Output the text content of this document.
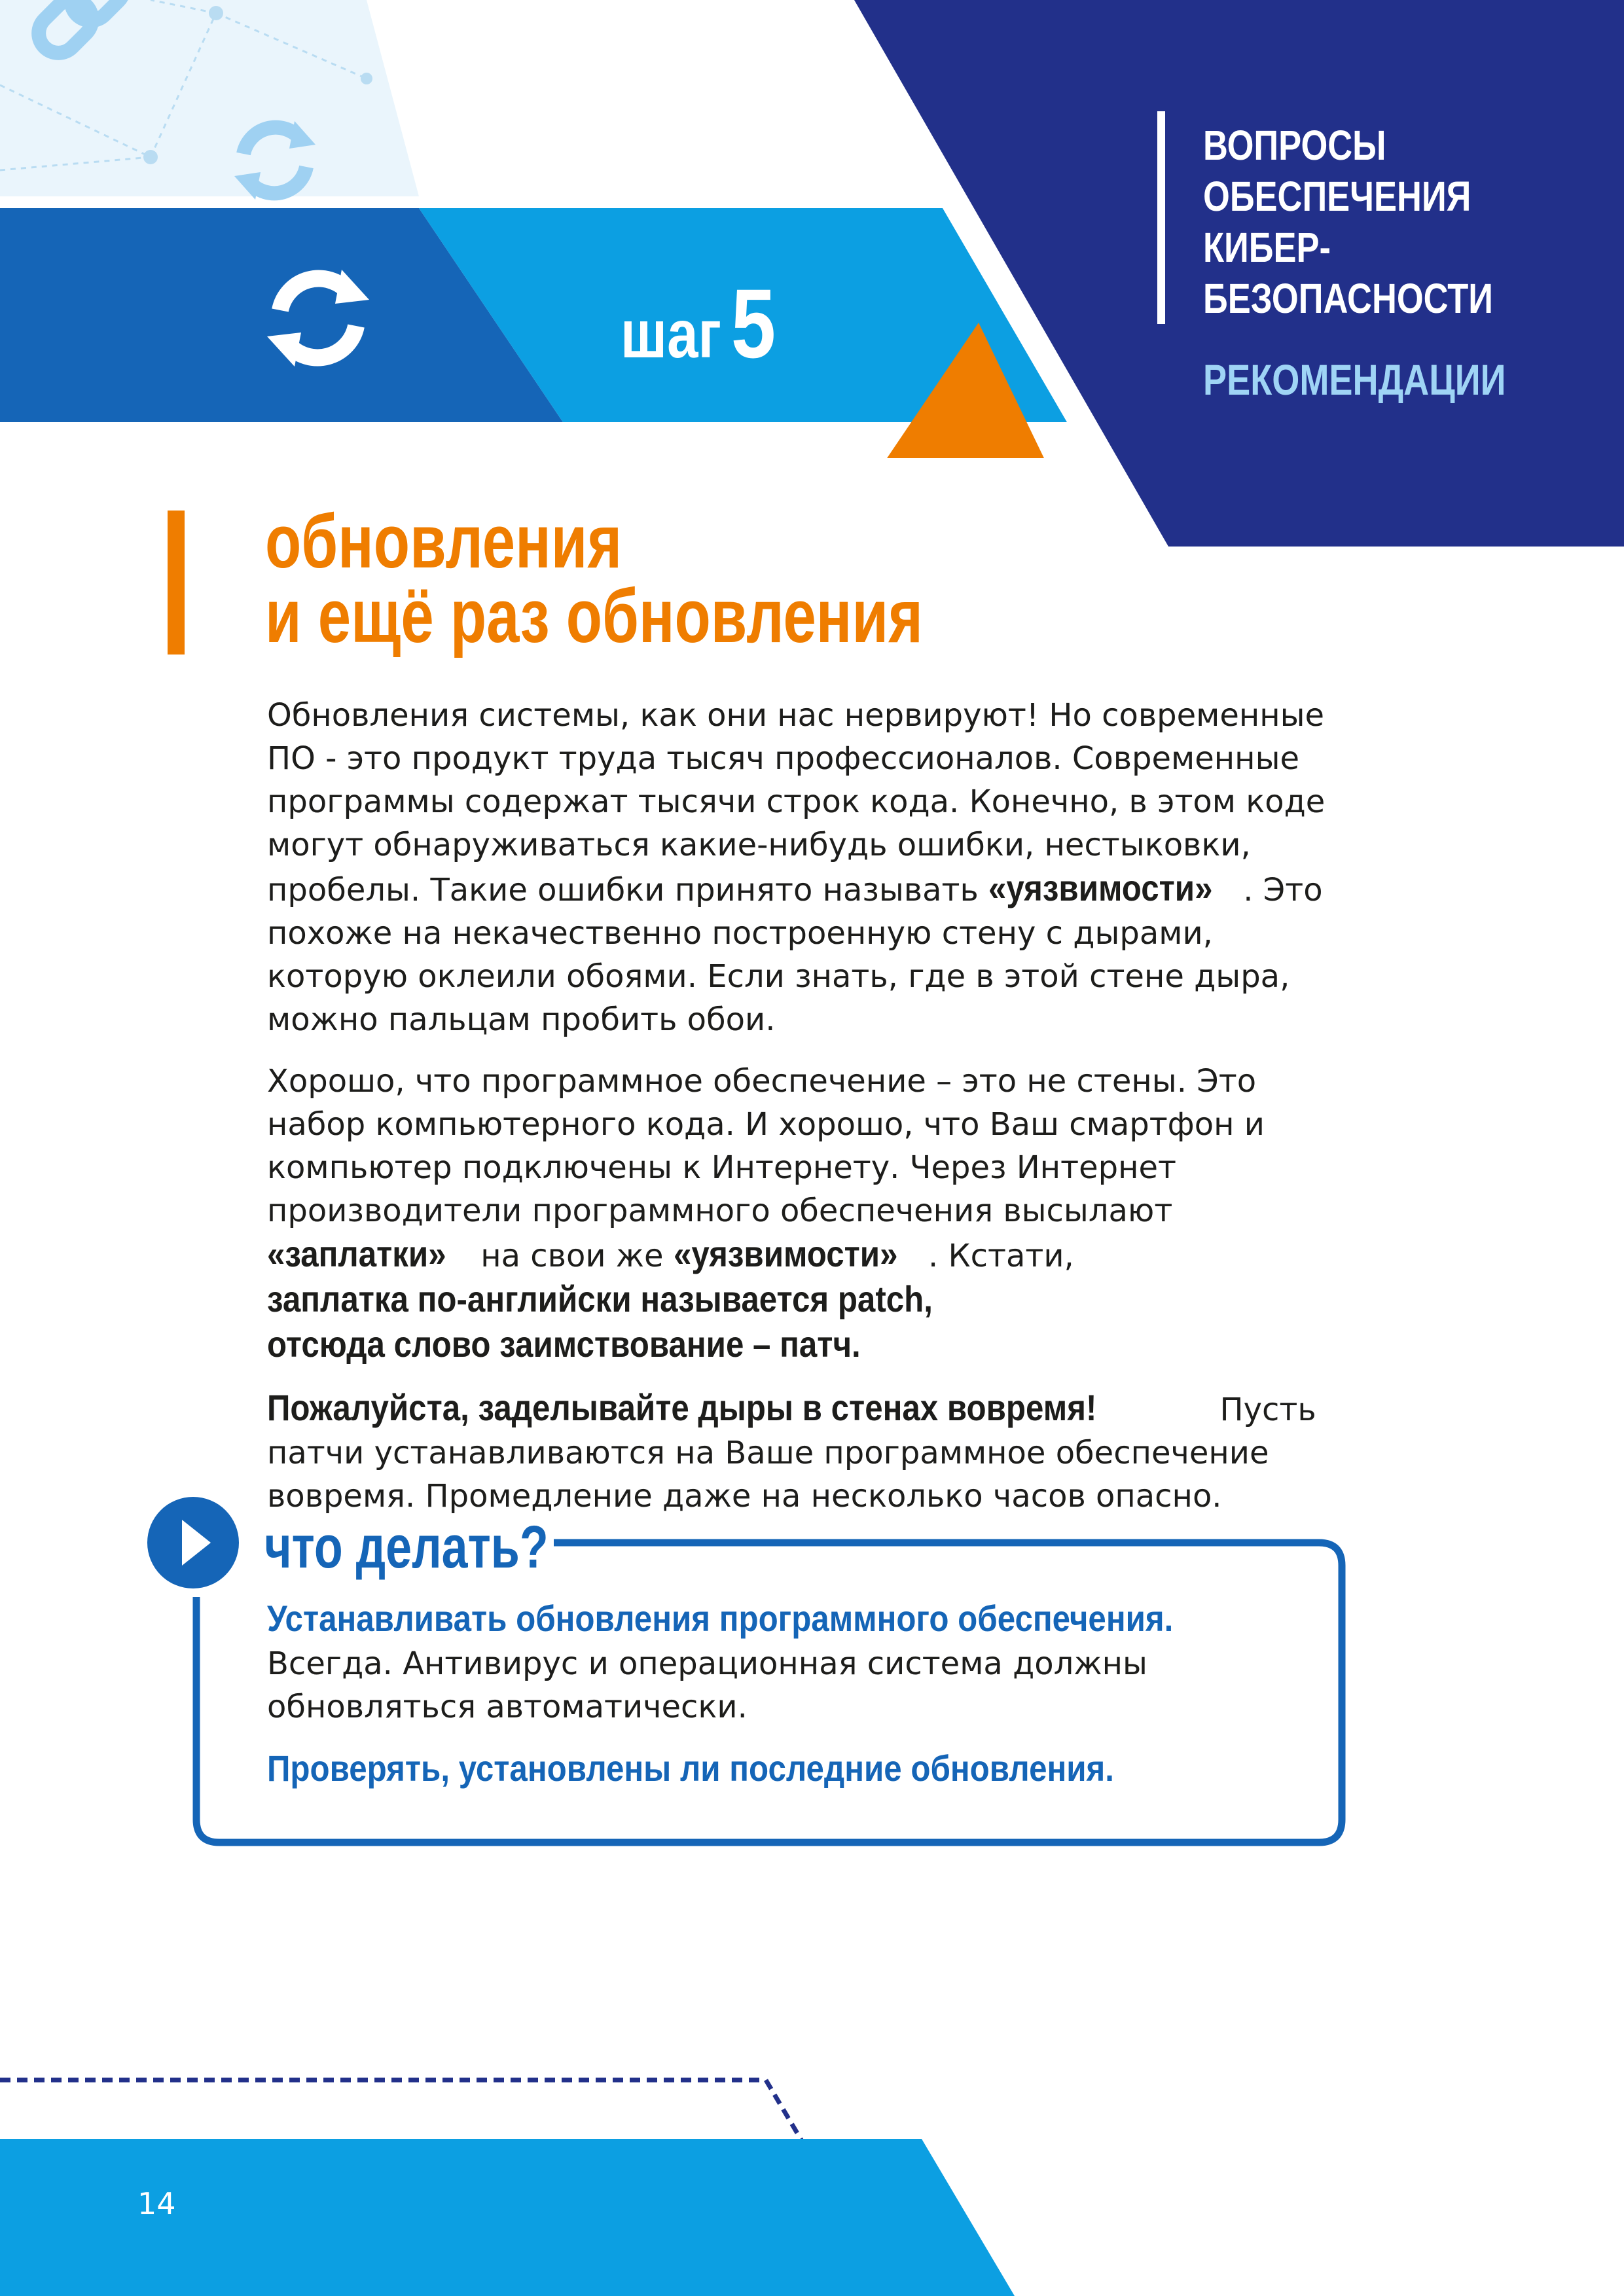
ВОПРОСЫ
ОБЕСПЕЧЕНИЯ
КИБЕР-
БЕЗОПАСНОСТИ
РЕКОМЕНДАЦИИ
шаг5
обновления
и ещё раз обновления

Обновления системы, как они нас нервируют! Но современные ПО - это продукт труда тысяч профессионалов. Современные программы содержат тысячи строк кода. Конечно, в этом коде могут обнаруживаться какие-нибудь ошибки, нестыковки, пробелы. Такие ошибки принято называть «уязвимости» . Это похоже на некачественно построенную стену с дырами, которую оклеили обоями. Если знать, где в этой стене дыра, можно пальцам пробить обои.

Хорошо, что программное обеспечение – это не стены. Это набор компьютерного кода. И хорошо, что Ваш смартфон и компьютер подключены к Интернету. Через Интернет производители программного обеспечения высылают «заплатки» на свои же «уязвимости» . Кстати, заплатка по-английски называется patch, отсюда слово заимствование – патч.

Пожалуйста, заделывайте дыры в стенах вовремя!	Пусть патчи устанавливаются на Ваше программное обеспечение вовремя. Промедление даже на несколько часов опасно.

что делать?

Устанавливать обновления программного обеспечения. Всегда. Антивирус и операционная система должны обновляться автоматически.

Проверять, установлены ли последние обновления.

14
